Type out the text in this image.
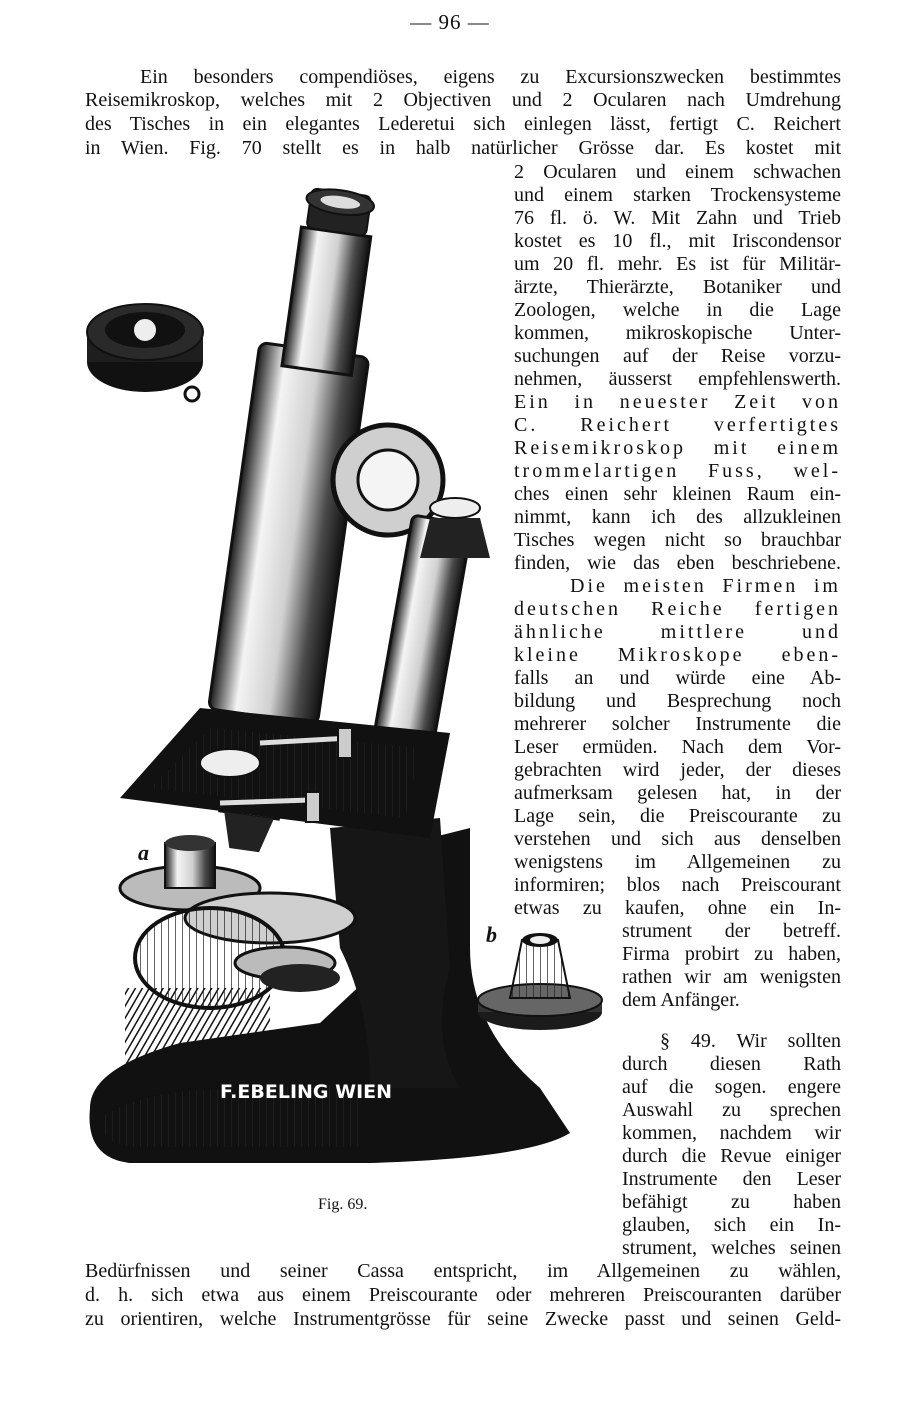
— 96 —
Ein besonders compendiöses, eigens zu Excursionszwecken bestimmtes
Reisemikroskop, welches mit 2 Objectiven und 2 Ocularen nach Umdrehung
des Tisches in ein elegantes Lederetui sich einlegen lässt, fertigt C. Reichert
in Wien. Fig. 70 stellt es in halb natürlicher Grösse dar. Es kostet mit
2 Ocularen und einem schwachen
und einem starken Trockensysteme
76 fl. ö. W. Mit Zahn und Trieb
kostet es 10 fl., mit Iriscondensor
um 20 fl. mehr. Es ist für Militär-
ärzte, Thierärzte, Botaniker und
Zoologen, welche in die Lage
kommen, mikroskopische Unter-
suchungen auf der Reise vorzu-
nehmen, äusserst empfehlenswerth.
Ein in neuester Zeit von
C. Reichert verfertigtes
Reisemikroskop mit einem
trommelartigen Fuss, wel-
ches einen sehr kleinen Raum ein-
nimmt, kann ich des allzukleinen
Tisches wegen nicht so brauchbar
finden, wie das eben beschriebene.
Die meisten Firmen im
deutschen Reiche fertigen
ähnliche mittlere und
kleine Mikroskope eben-
falls an und würde eine Ab-
bildung und Besprechung noch
mehrerer solcher Instrumente die
Leser ermüden. Nach dem Vor-
gebrachten wird jeder, der dieses
aufmerksam gelesen hat, in der
Lage sein, die Preiscourante zu
verstehen und sich aus denselben
wenigstens im Allgemeinen zu
informiren; blos nach Preiscourant
etwas zu kaufen, ohne ein In-
strument der betreff.
Firma probirt zu haben,
rathen wir am wenigsten
dem Anfänger.
§ 49. Wir sollten
durch diesen Rath
auf die sogen. engere
Auswahl zu sprechen
kommen, nachdem wir
durch die Revue einiger
Instrumente den Leser
befähigt zu haben
glauben, sich ein In-
strument, welches seinen
Bedürfnissen und seiner Cassa entspricht, im Allgemeinen zu wählen,
d. h. sich etwa aus einem Preiscourante oder mehreren Preiscouranten darüber
zu orientiren, welche Instrumentgrösse für seine Zwecke passt und seinen Geld-
F.EBELING WIEN
a
b
Fig. 69.
